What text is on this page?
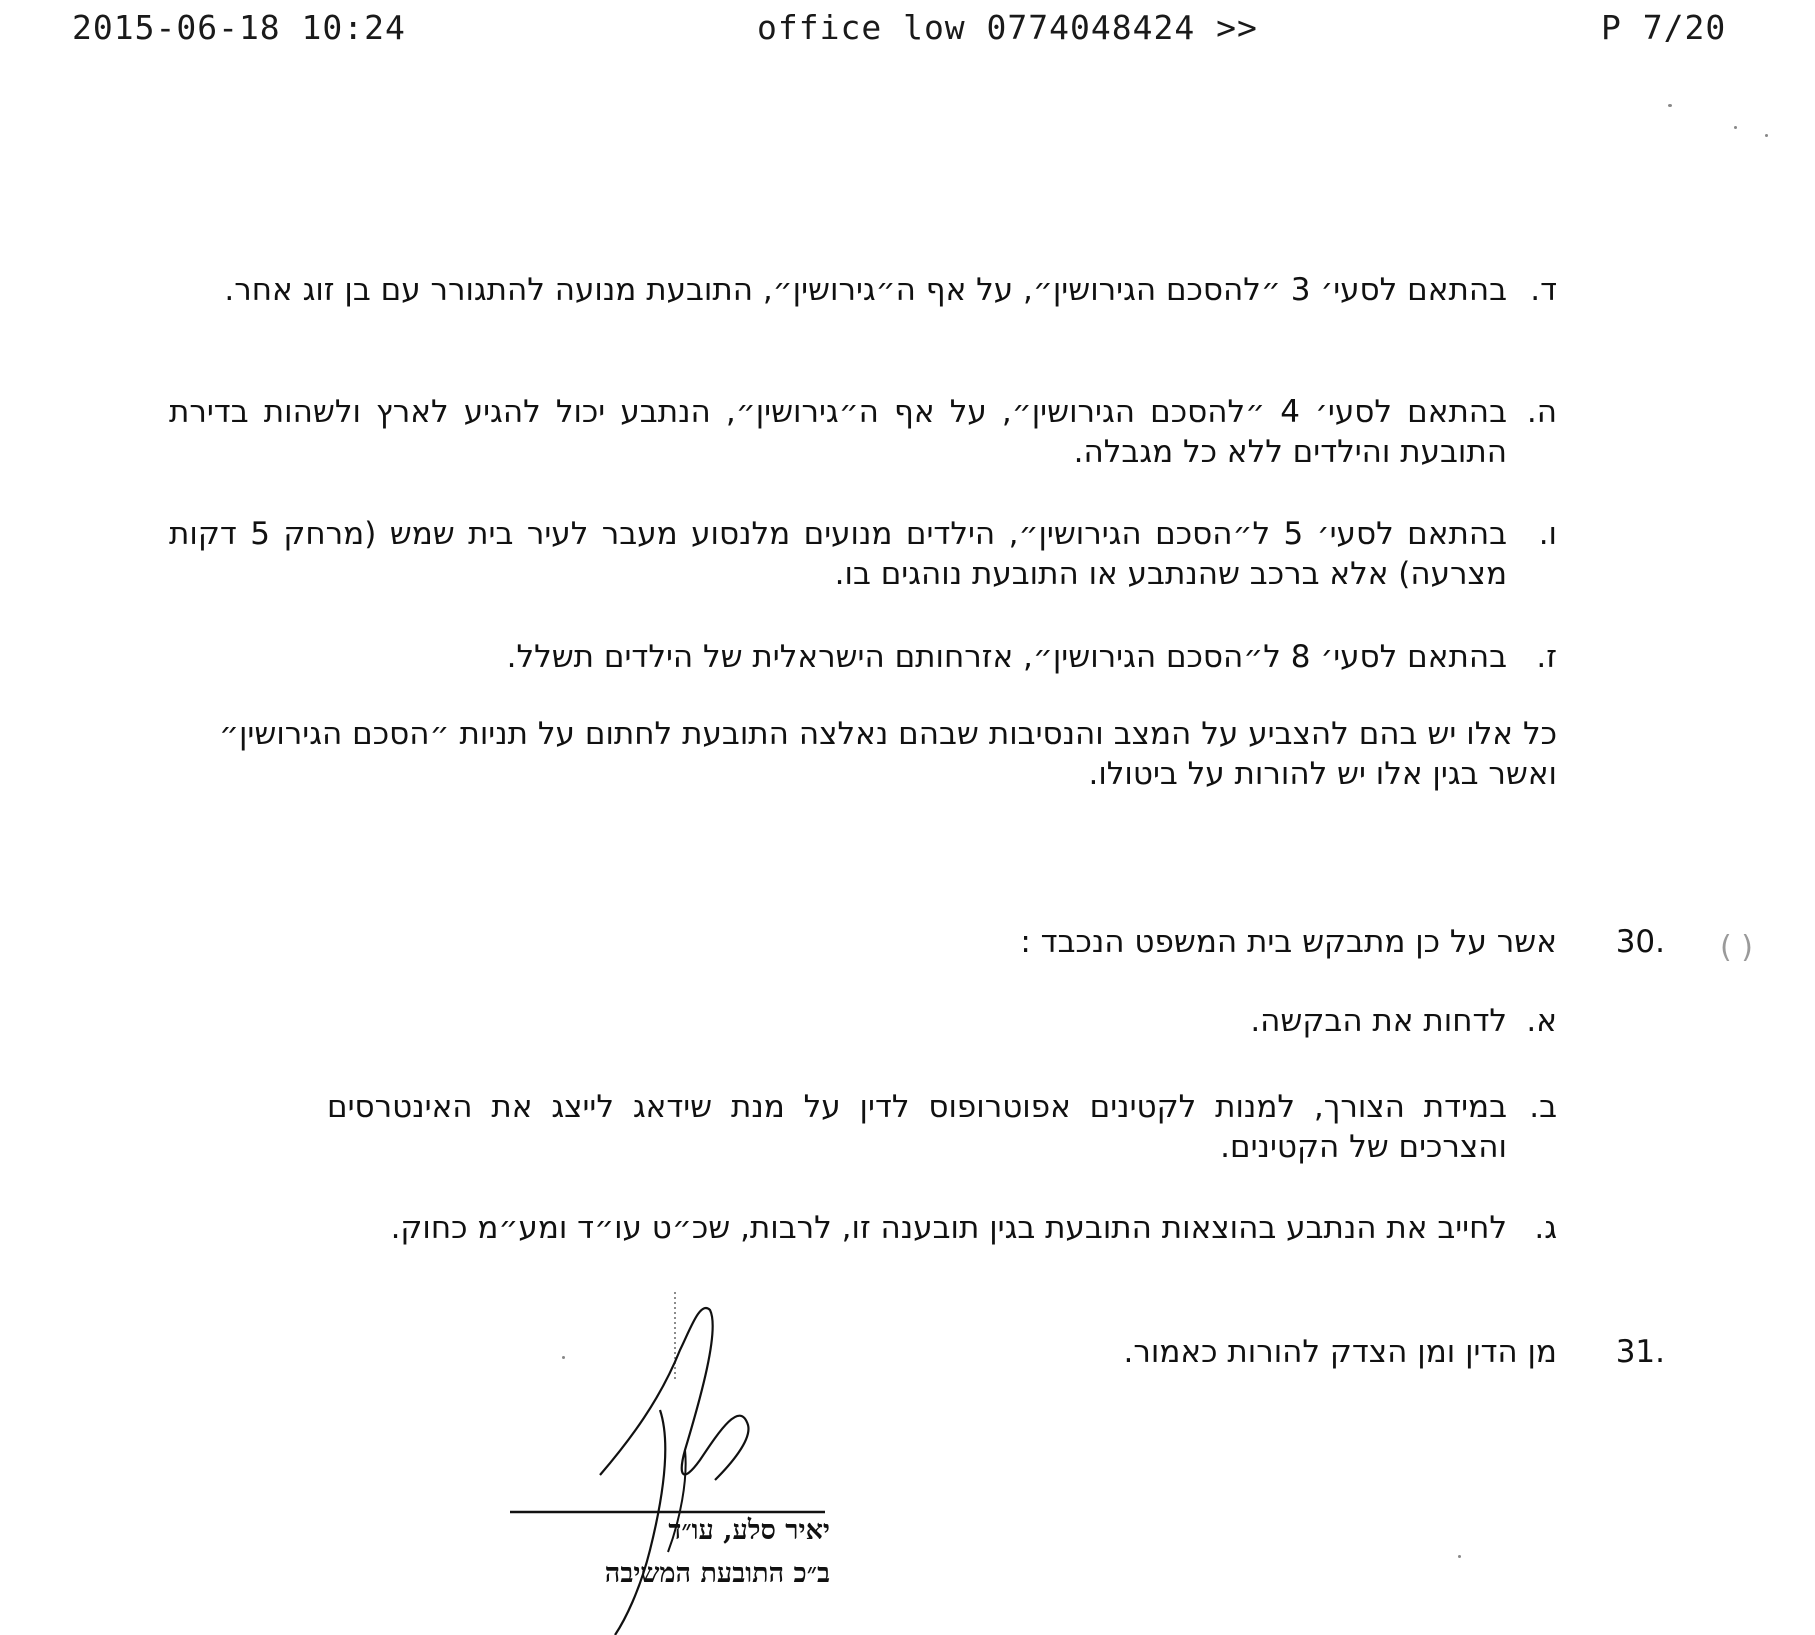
2015-06-18 10:24	office low 0774048424 >>	P 7/20
ד.
בהתאם לסעי׳ 3 ״להסכם הגירושין״, על אף ה״גירושין״, התובעת מנועה להתגורר עם בן זוג אחר.
ה.
בהתאם לסעי׳ 4 ״להסכם הגירושין״, על אף ה״גירושין״, הנתבע יכול להגיע לארץ ולשהות בדירת התובעת והילדים ללא כל מגבלה.
ו.
בהתאם לסעי׳ 5 ל״הסכם הגירושין״, הילדים מנועים מלנסוע מעבר לעיר בית שמש (מרחק 5 דקות מצרעה) אלא ברכב שהנתבע או התובעת נוהגים בו.
ז.
בהתאם לסעי׳ 8 ל״הסכם הגירושין״, אזרחותם הישראלית של הילדים תשלל.
כל אלו יש בהם להצביע על המצב והנסיבות שבהם נאלצה התובעת לחתום על תניות ״הסכם הגירושין״ ואשר בגין אלו יש להורות על ביטולו.
30.
אשר על כן מתבקש בית המשפט הנכבד :
א.
לדחות את הבקשה.
ב.
במידת הצורך, למנות לקטינים אפוטרופוס לדין על מנת שידאג לייצג את האינטרסים והצרכים של הקטינים.
ג.
לחייב את הנתבע בהוצאות התובעת בגין תובענה זו, לרבות, שכ״ט עו״ד ומע״מ כחוק.
31.
מן הדין ומן הצדק להורות כאמור.
( )
יאיר סלע, עו״ד
ב״כ התובעת המשיבה
